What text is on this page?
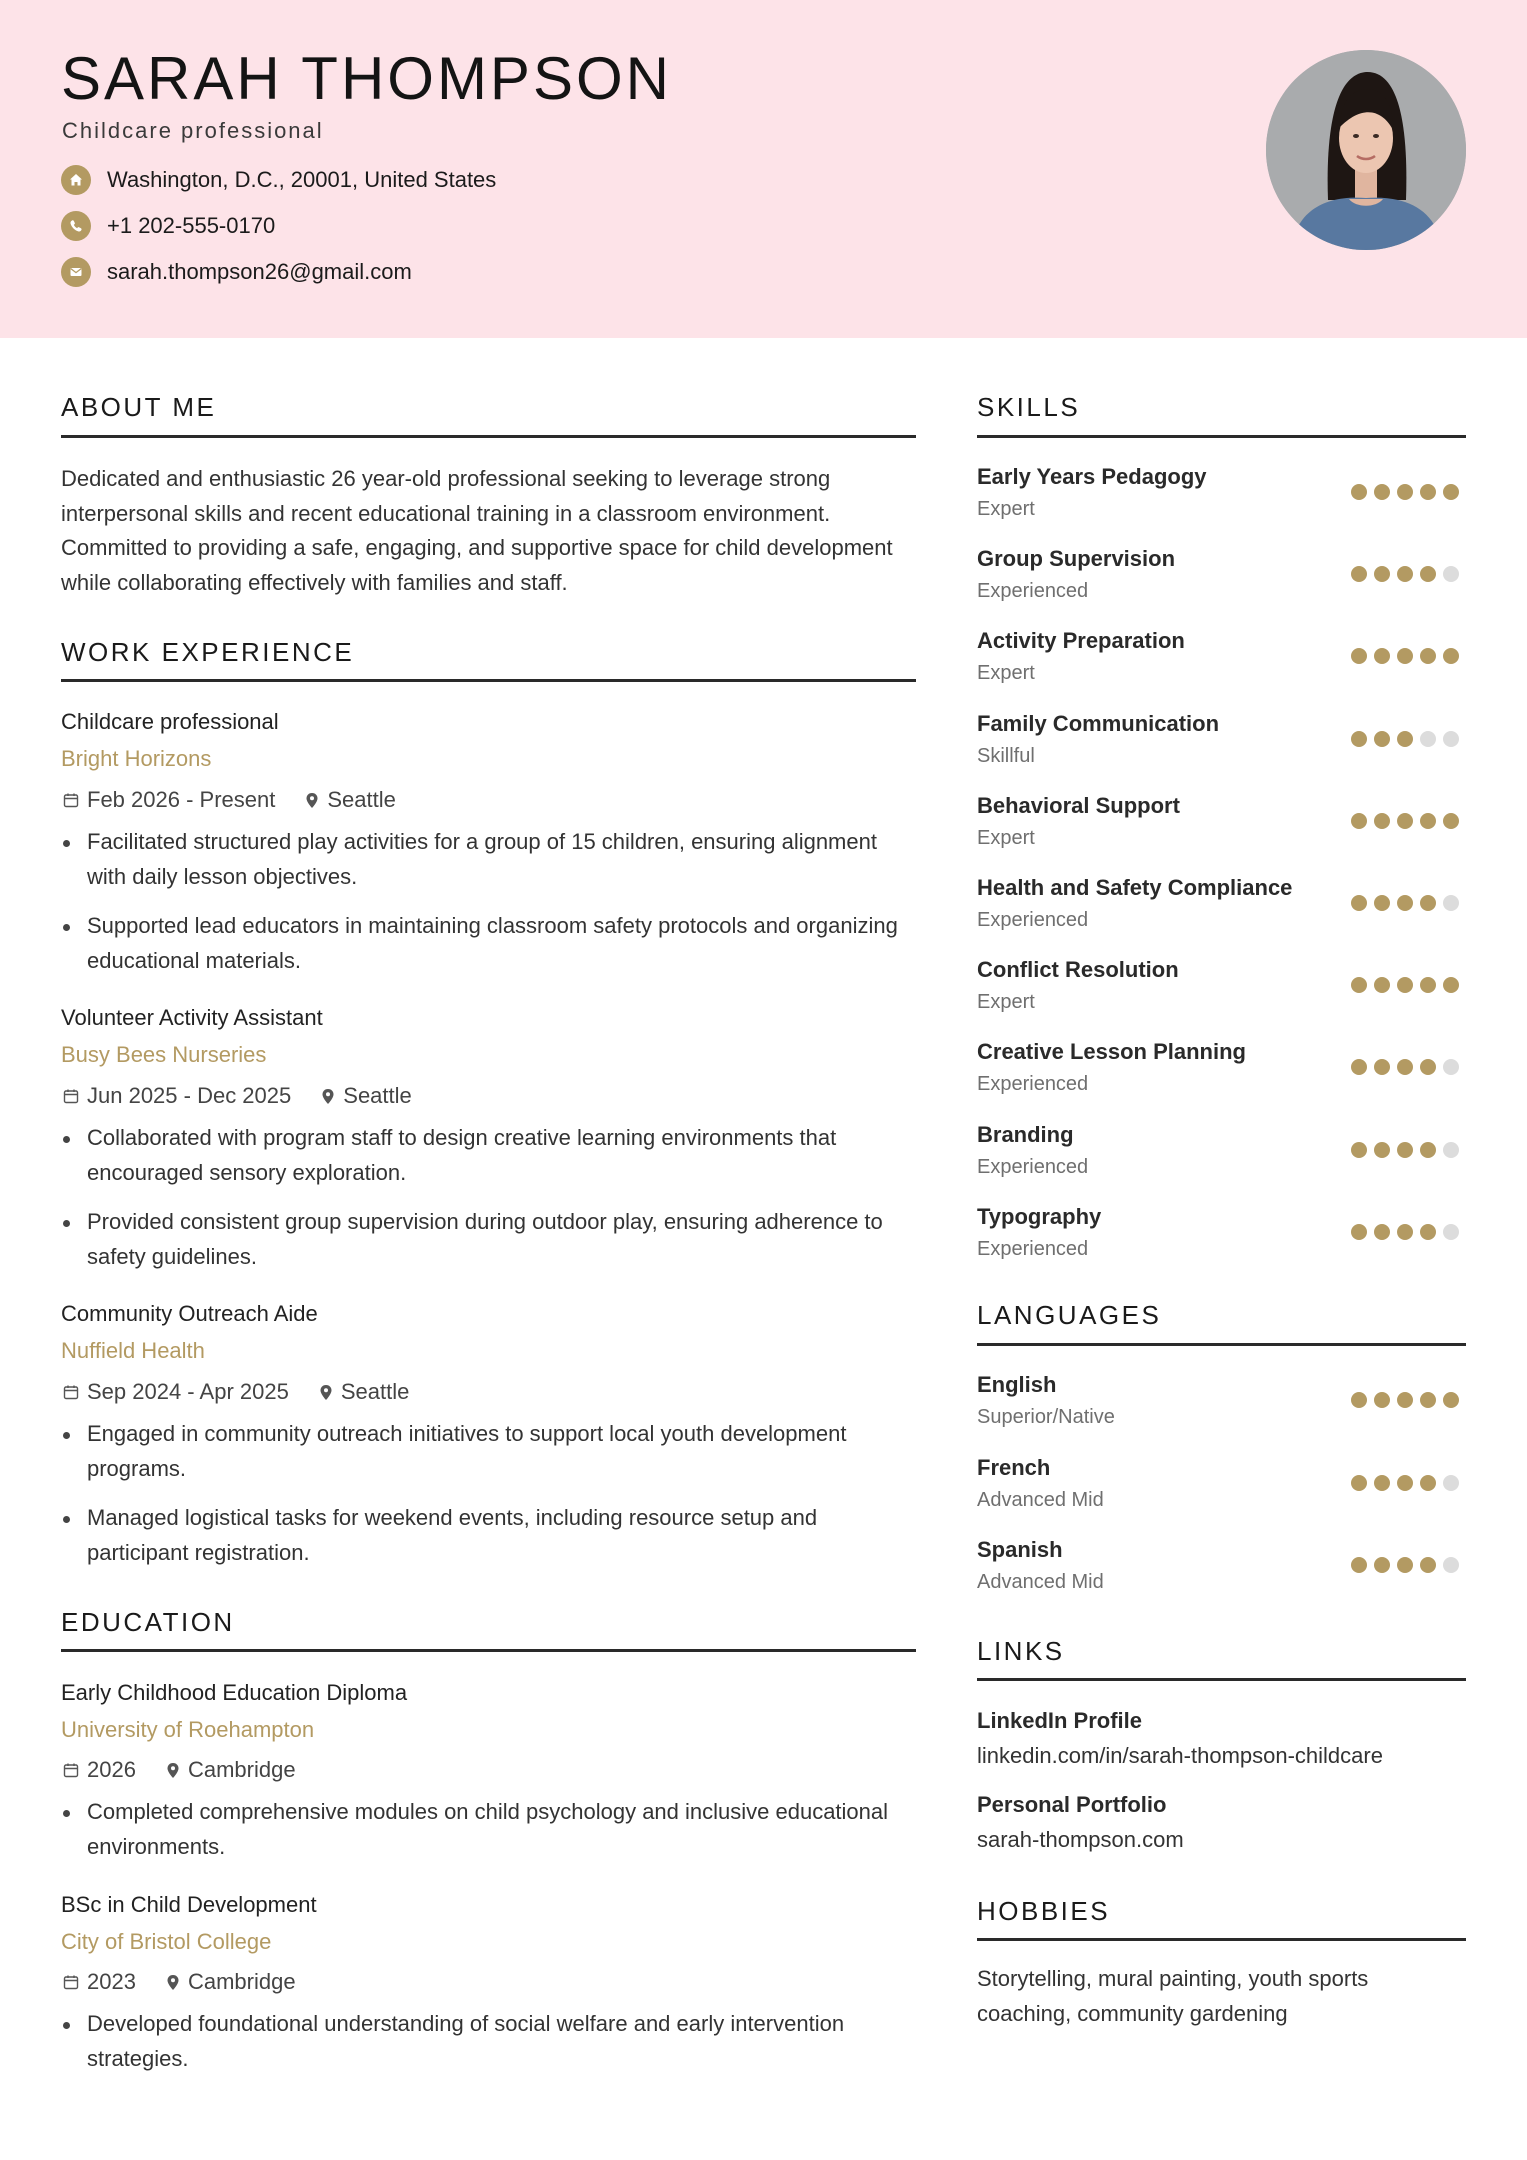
SARAH THOMPSON
Childcare professional
Washington, D.C., 20001, United States
+1 202-555-0170
sarah.thompson26@gmail.com
ABOUT ME
Dedicated and enthusiastic 26 year-old professional seeking to leverage strong interpersonal skills and recent educational training in a classroom environment. Committed to providing a safe, engaging, and supportive space for child development while collaborating effectively with families and staff.
WORK EXPERIENCE
Childcare professional
Bright Horizons
Feb 2026 - Present Seattle
Facilitated structured play activities for a group of 15 children, ensuring alignment with daily lesson objectives.
Supported lead educators in maintaining classroom safety protocols and organizing educational materials.
Volunteer Activity Assistant
Busy Bees Nurseries
Jun 2025 - Dec 2025 Seattle
Collaborated with program staff to design creative learning environments that encouraged sensory exploration.
Provided consistent group supervision during outdoor play, ensuring adherence to safety guidelines.
Community Outreach Aide
Nuffield Health
Sep 2024 - Apr 2025 Seattle
Engaged in community outreach initiatives to support local youth development programs.
Managed logistical tasks for weekend events, including resource setup and participant registration.
EDUCATION
Early Childhood Education Diploma
University of Roehampton
2026 Cambridge
Completed comprehensive modules on child psychology and inclusive educational environments.
BSc in Child Development
City of Bristol College
2023 Cambridge
Developed foundational understanding of social welfare and early intervention strategies.
SKILLS
Early Years Pedagogy
Expert
Group Supervision
Experienced
Activity Preparation
Expert
Family Communication
Skillful
Behavioral Support
Expert
Health and Safety Compliance
Experienced
Conflict Resolution
Expert
Creative Lesson Planning
Experienced
Branding
Experienced
Typography
Experienced
LANGUAGES
English
Superior/Native
French
Advanced Mid
Spanish
Advanced Mid
LINKS
LinkedIn Profile
linkedin.com/in/sarah-thompson-childcare
Personal Portfolio
sarah-thompson.com
HOBBIES
Storytelling, mural painting, youth sports coaching, community gardening
